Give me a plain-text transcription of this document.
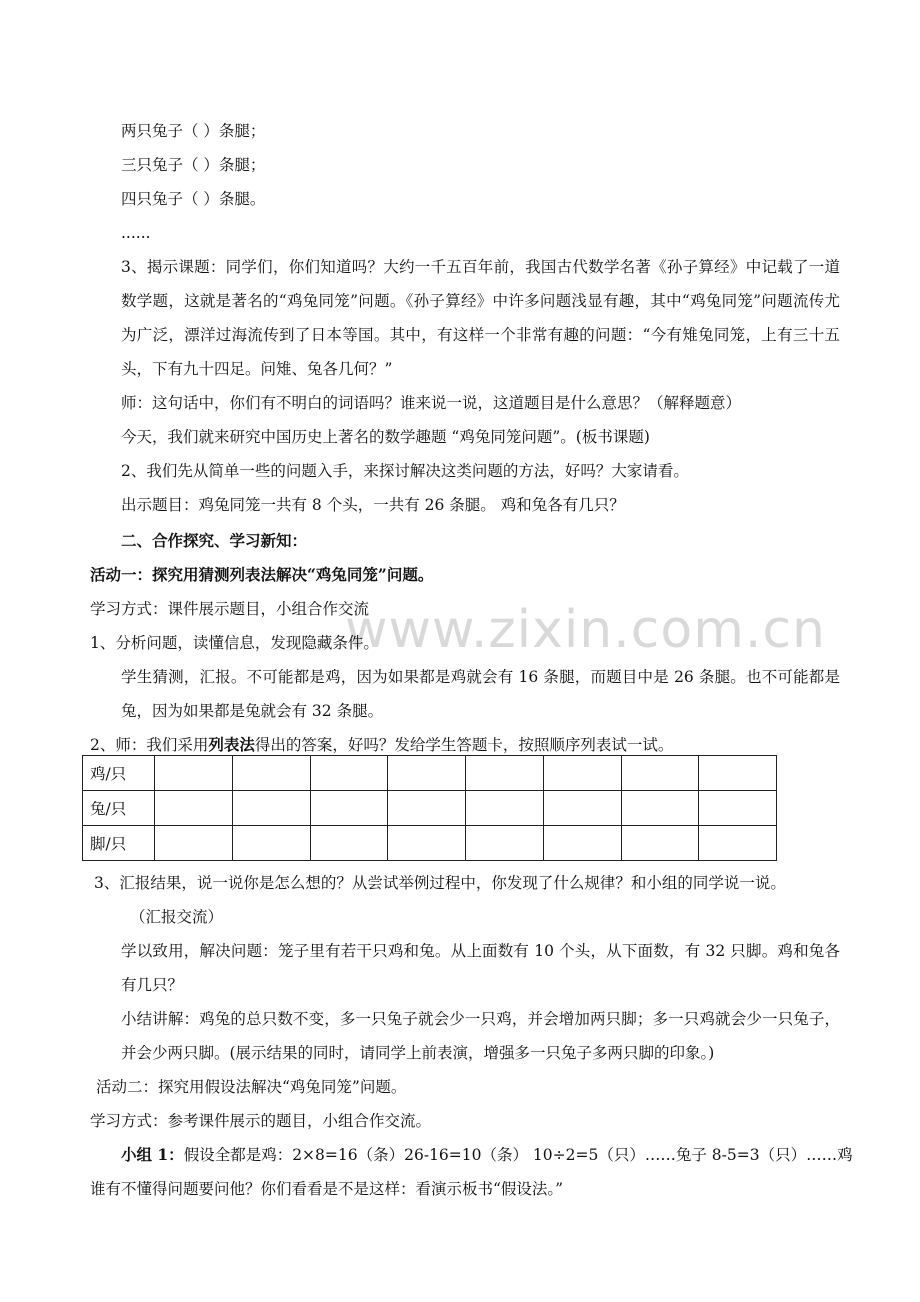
www.zixin.com.cn

两只兔子（ ）条腿；

三只兔子（ ）条腿；

四只兔子（ ）条腿。

......

3、揭示课题：同学们，你们知道吗？大约一千五百年前，我国古代数学名著《孙子算经》中记载了一道数学题，这就是著名的“鸡兔同笼”问题。《孙子算经》中许多问题浅显有趣，其中“鸡兔同笼”问题流传尤为广泛，漂洋过海流传到了日本等国。其中，有这样一个非常有趣的问题：“今有雉兔同笼，上有三十五头，下有九十四足。问雉、兔各几何？”

师：这句话中，你们有不明白的词语吗？谁来说一说，这道题目是什么意思？（解释题意）

今天，我们就来研究中国历史上著名的数学趣题 “鸡兔同笼问题”。(板书课题)

2、我们先从简单一些的问题入手，来探讨解决这类问题的方法，好吗？大家请看。

出示题目：鸡兔同笼一共有 8 个头，一共有 26 条腿。 鸡和兔各有几只？

二、合作探究、学习新知：

活动一：探究用猜测列表法解决“鸡兔同笼”问题。

学习方式：课件展示题目，小组合作交流

1、分析问题，读懂信息，发现隐藏条件。

学生猜测，汇报。不可能都是鸡，因为如果都是鸡就会有 16 条腿，而题目中是 26 条腿。也不可能都是兔，因为如果都是兔就会有 32 条腿。

2、师：我们采用列表法得出的答案，好吗？发给学生答题卡，按照顺序列表试一试。

鸡/只								
兔/只								
脚/只								

3、汇报结果，说一说你是怎么想的？从尝试举例过程中，你发现了什么规律？和小组的同学说一说。

（汇报交流）

学以致用，解决问题：笼子里有若干只鸡和兔。从上面数有 10 个头，从下面数，有 32 只脚。鸡和兔各有几只？

小结讲解：鸡兔的总只数不变，多一只兔子就会少一只鸡，并会增加两只脚；多一只鸡就会少一只兔子，并会少两只脚。(展示结果的同时，请同学上前表演，增强多一只兔子多两只脚的印象。)

活动二：探究用假设法解决“鸡兔同笼”问题。

学习方式：参考课件展示的题目，小组合作交流。

小组 1：假设全都是鸡：2×8=16（条）26-16=10（条） 10÷2=5（只）……兔子 8-5=3（只）……鸡

谁有不懂得问题要问他？你们看看是不是这样：看演示板书“假设法。”
